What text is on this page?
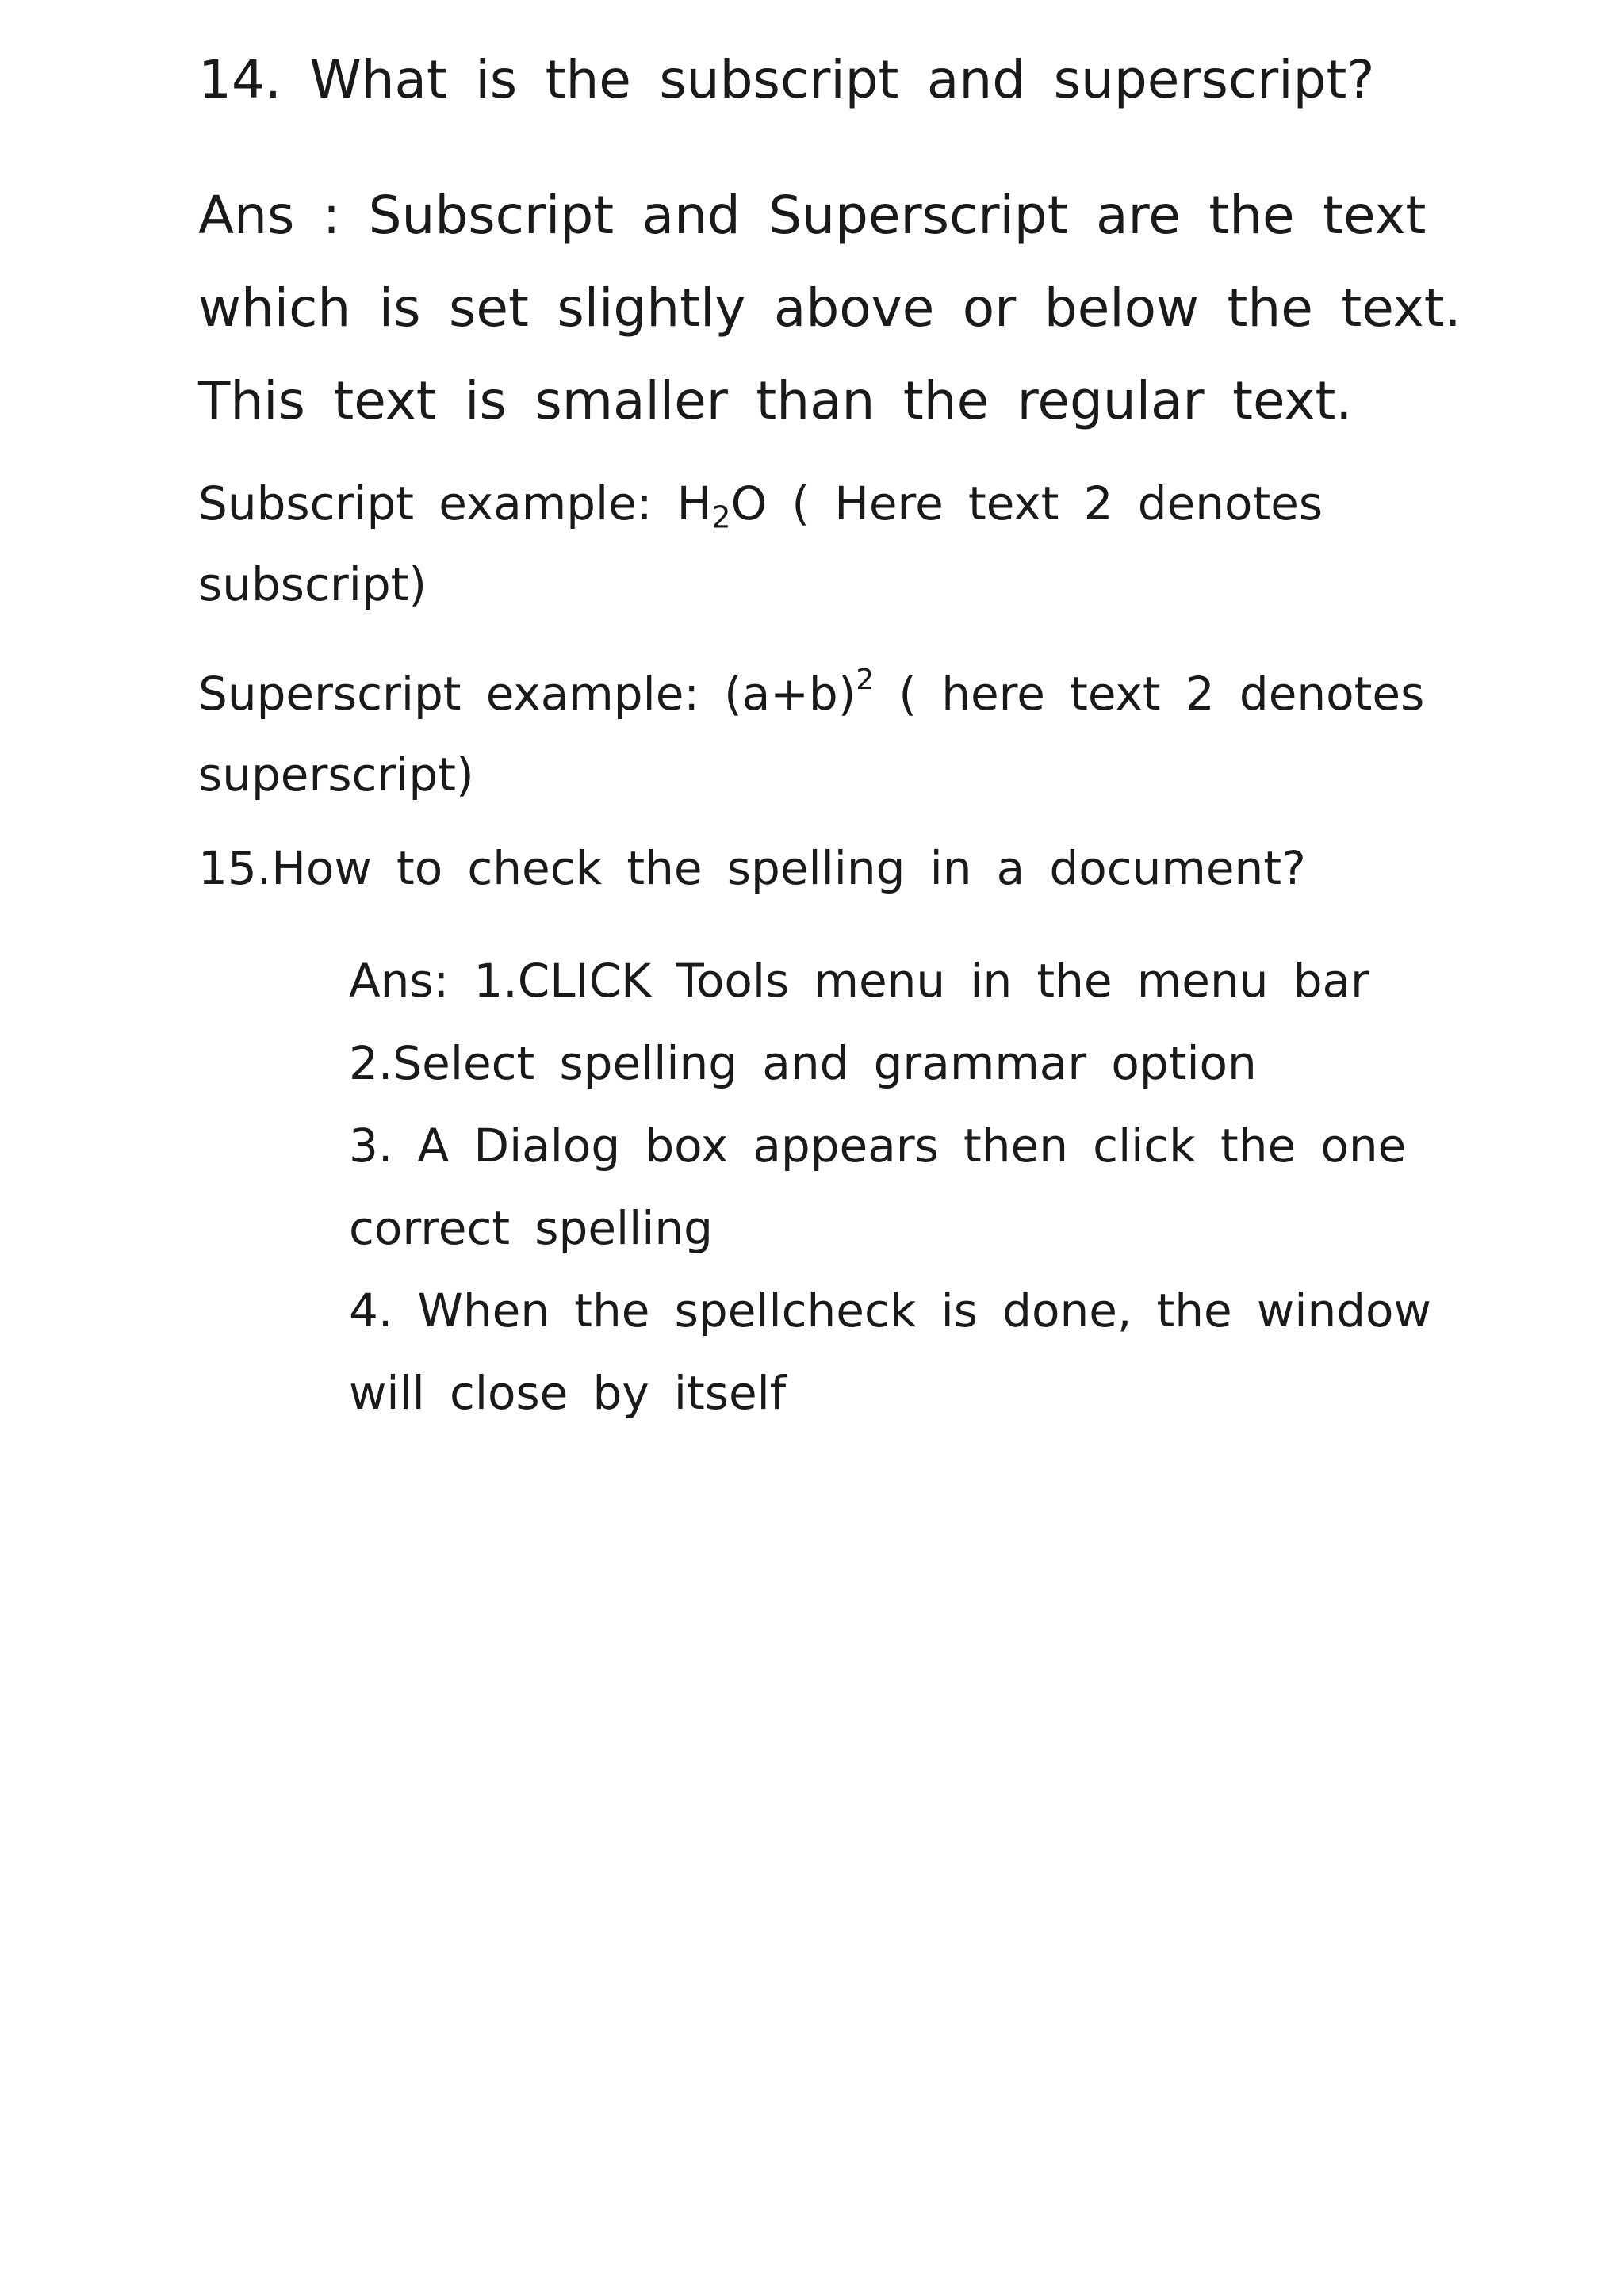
14. What is the subscript and superscript?
Ans : Subscript and Superscript are the text
which is set slightly above or below the text.
This text is smaller than the regular text.
Subscript example: $H_2O$ ( Here text 2 denotes
subscript)
Superscript example: $(a+b)^2$ ( here text 2 denotes
superscript)
15.How to check the spelling in a document?
Ans: 1.CLICK Tools menu in the menu bar
2.Select spelling and grammar option
3. A Dialog box appears then click the one
correct spelling
4. When the spellcheck is done, the window
will close by itself
